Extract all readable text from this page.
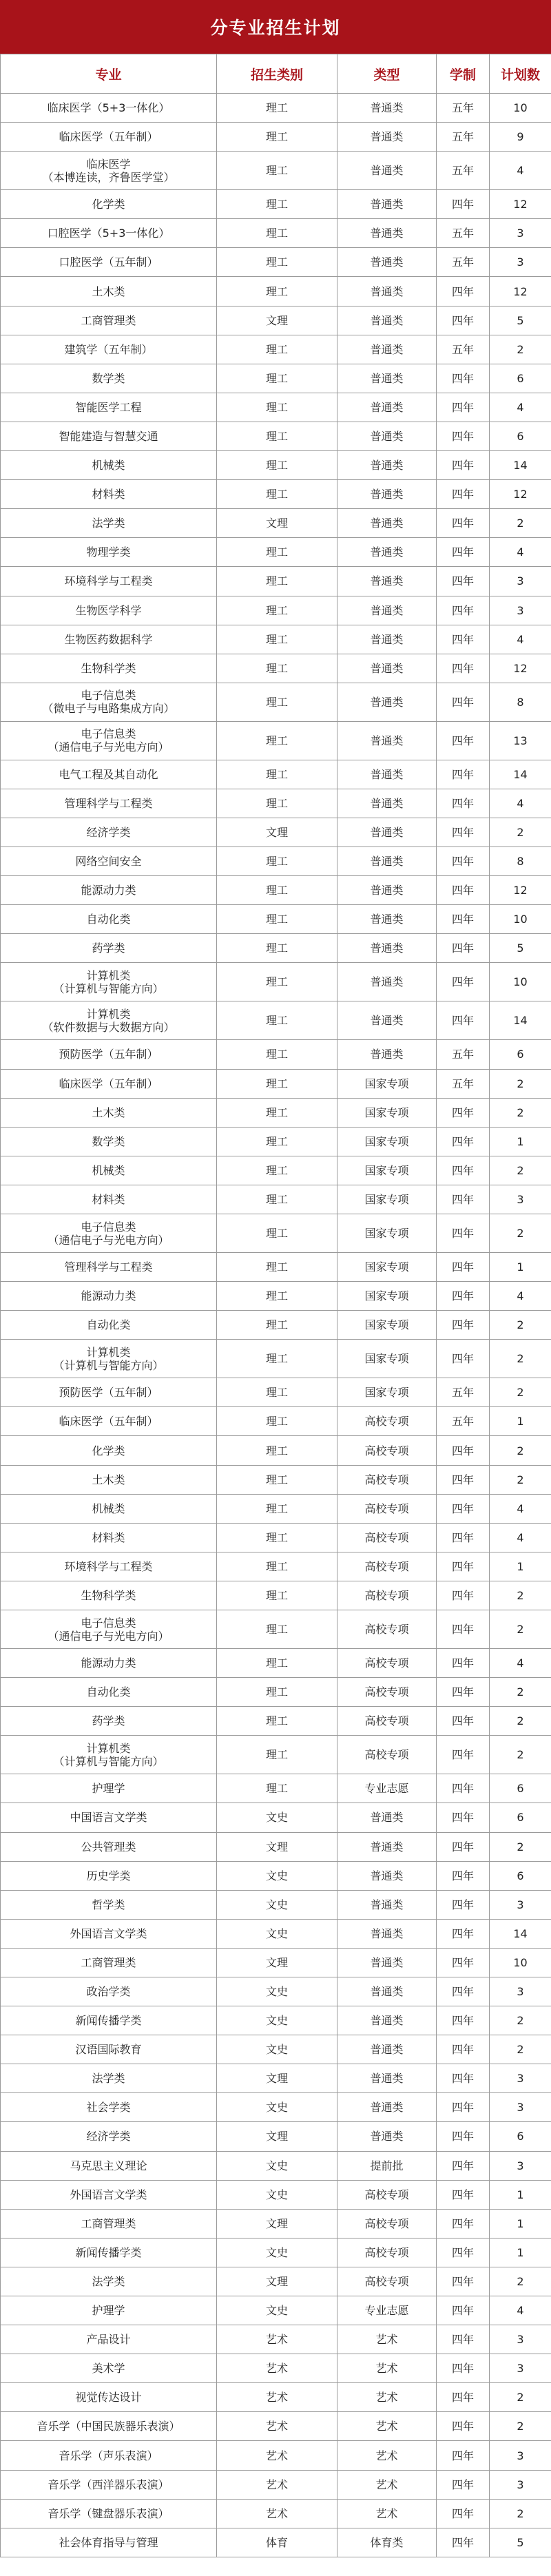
分专业招生计划
专业	招生类别	类型	学制	计划数
临床医学（5+3一体化）	理工	普通类	五年	10
临床医学（五年制）	理工	普通类	五年	9
临床医学
（本博连读，齐鲁医学堂）	理工	普通类	五年	4
化学类	理工	普通类	四年	12
口腔医学（5+3一体化）	理工	普通类	五年	3
口腔医学（五年制）	理工	普通类	五年	3
土木类	理工	普通类	四年	12
工商管理类	文理	普通类	四年	5
建筑学（五年制）	理工	普通类	五年	2
数学类	理工	普通类	四年	6
智能医学工程	理工	普通类	四年	4
智能建造与智慧交通	理工	普通类	四年	6
机械类	理工	普通类	四年	14
材料类	理工	普通类	四年	12
法学类	文理	普通类	四年	2
物理学类	理工	普通类	四年	4
环境科学与工程类	理工	普通类	四年	3
生物医学科学	理工	普通类	四年	3
生物医药数据科学	理工	普通类	四年	4
生物科学类	理工	普通类	四年	12
电子信息类
（微电子与电路集成方向）	理工	普通类	四年	8
电子信息类
（通信电子与光电方向）	理工	普通类	四年	13
电气工程及其自动化	理工	普通类	四年	14
管理科学与工程类	理工	普通类	四年	4
经济学类	文理	普通类	四年	2
网络空间安全	理工	普通类	四年	8
能源动力类	理工	普通类	四年	12
自动化类	理工	普通类	四年	10
药学类	理工	普通类	四年	5
计算机类
（计算机与智能方向）	理工	普通类	四年	10
计算机类
（软件数据与大数据方向）	理工	普通类	四年	14
预防医学（五年制）	理工	普通类	五年	6
临床医学（五年制）	理工	国家专项	五年	2
土木类	理工	国家专项	四年	2
数学类	理工	国家专项	四年	1
机械类	理工	国家专项	四年	2
材料类	理工	国家专项	四年	3
电子信息类
（通信电子与光电方向）	理工	国家专项	四年	2
管理科学与工程类	理工	国家专项	四年	1
能源动力类	理工	国家专项	四年	4
自动化类	理工	国家专项	四年	2
计算机类
（计算机与智能方向）	理工	国家专项	四年	2
预防医学（五年制）	理工	国家专项	五年	2
临床医学（五年制）	理工	高校专项	五年	1
化学类	理工	高校专项	四年	2
土木类	理工	高校专项	四年	2
机械类	理工	高校专项	四年	4
材料类	理工	高校专项	四年	4
环境科学与工程类	理工	高校专项	四年	1
生物科学类	理工	高校专项	四年	2
电子信息类
（通信电子与光电方向）	理工	高校专项	四年	2
能源动力类	理工	高校专项	四年	4
自动化类	理工	高校专项	四年	2
药学类	理工	高校专项	四年	2
计算机类
（计算机与智能方向）	理工	高校专项	四年	2
护理学	理工	专业志愿	四年	6
中国语言文学类	文史	普通类	四年	6
公共管理类	文理	普通类	四年	2
历史学类	文史	普通类	四年	6
哲学类	文史	普通类	四年	3
外国语言文学类	文史	普通类	四年	14
工商管理类	文理	普通类	四年	10
政治学类	文史	普通类	四年	3
新闻传播学类	文史	普通类	四年	2
汉语国际教育	文史	普通类	四年	2
法学类	文理	普通类	四年	3
社会学类	文史	普通类	四年	3
经济学类	文理	普通类	四年	6
马克思主义理论	文史	提前批	四年	3
外国语言文学类	文史	高校专项	四年	1
工商管理类	文理	高校专项	四年	1
新闻传播学类	文史	高校专项	四年	1
法学类	文理	高校专项	四年	2
护理学	文史	专业志愿	四年	4
产品设计	艺术	艺术	四年	3
美术学	艺术	艺术	四年	3
视觉传达设计	艺术	艺术	四年	2
音乐学（中国民族器乐表演）	艺术	艺术	四年	2
音乐学（声乐表演）	艺术	艺术	四年	3
音乐学（西洋器乐表演）	艺术	艺术	四年	3
音乐学（键盘器乐表演）	艺术	艺术	四年	2
社会体育指导与管理	体育	体育类	四年	5
